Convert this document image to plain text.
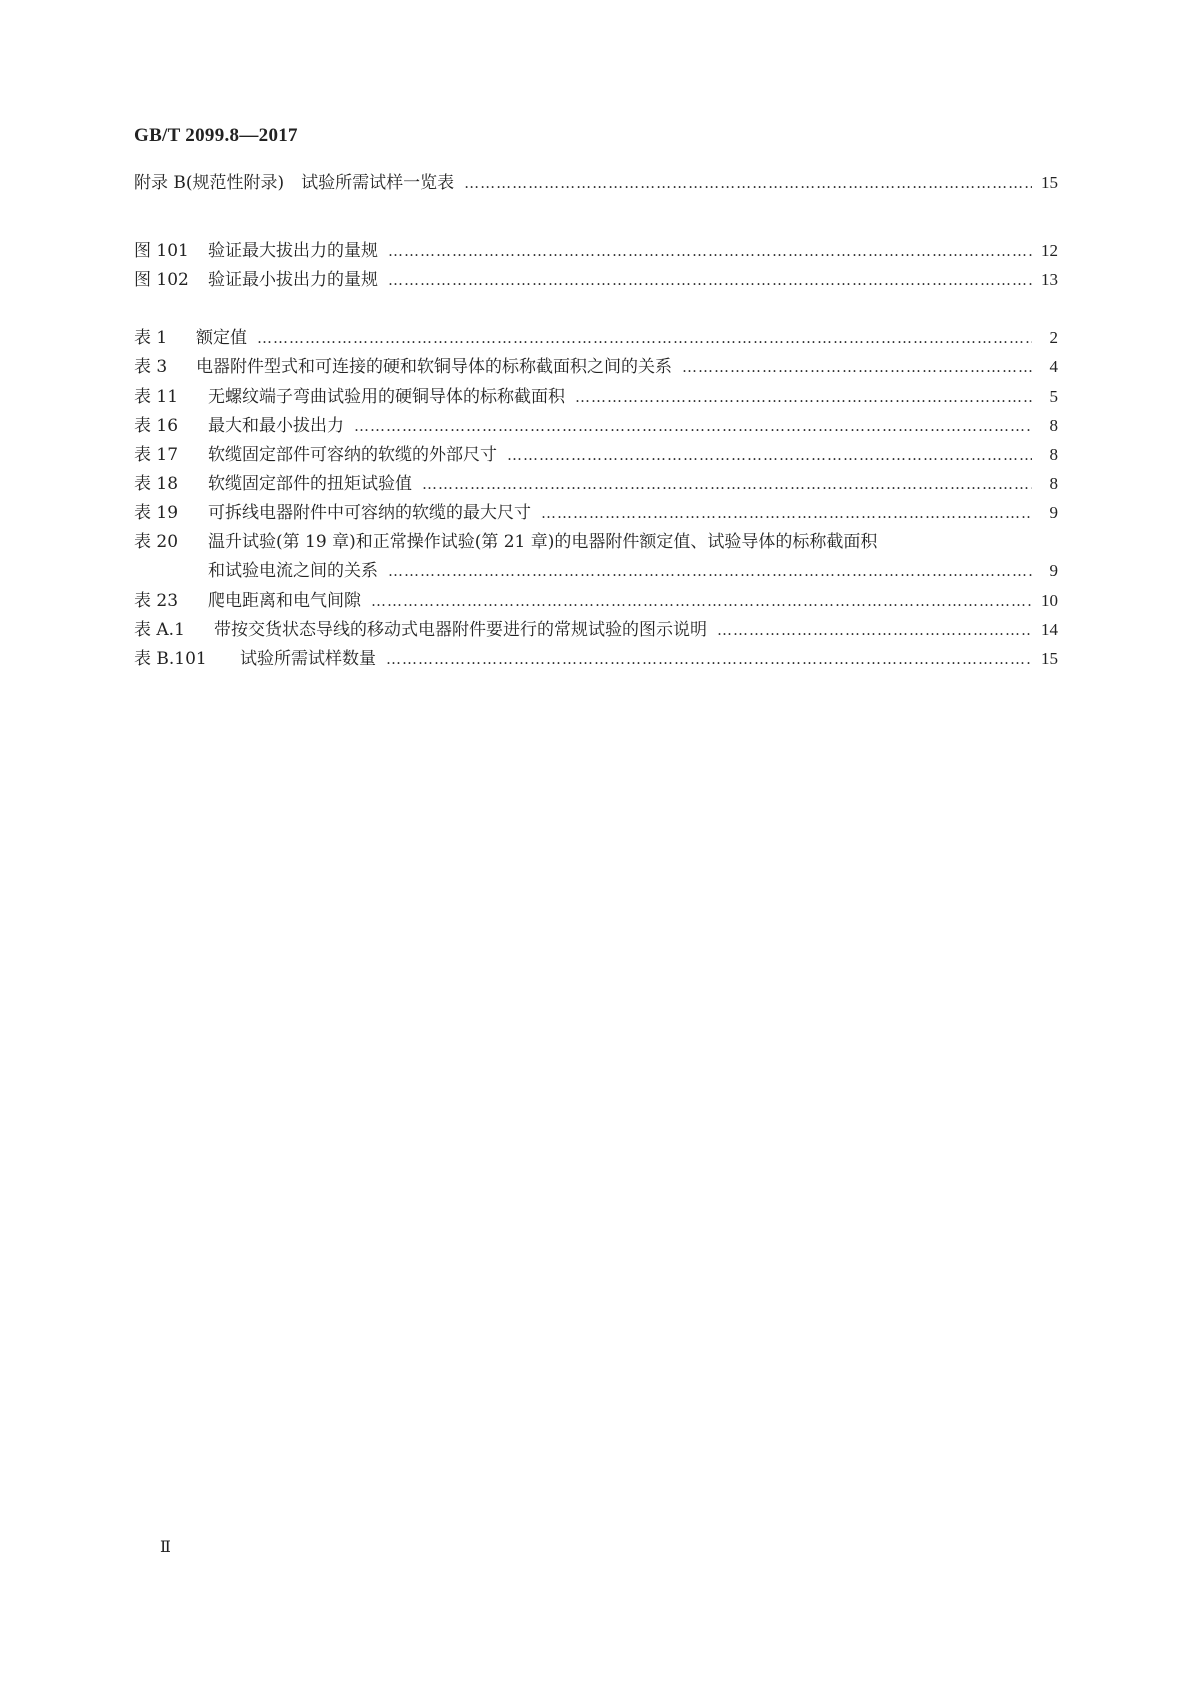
GB/T 2099.8—2017
附录 B (规范性附录)　试验所需试样一览表 ………………………………………………………………………………………………………………………………………………………………………………………………………………………………………	15
图 101	验证最大拔出力的量规 ………………………………………………………………………………………………………………………………………………………………………………………………………………………………………	12
图 102	验证最小拔出力的量规 ………………………………………………………………………………………………………………………………………………………………………………………………………………………………………	13
表 1	额定值 ………………………………………………………………………………………………………………………………………………………………………………………………………………………………………	2
表 3	电器附件型式和可连接的硬和软铜导体的标称截面积之间的关系 ………………………………………………………………………………………………………………………………………………………………………………………………………………………………………	4
表 11	无螺纹端子弯曲试验用的硬铜导体的标称截面积 ………………………………………………………………………………………………………………………………………………………………………………………………………………………………………	5
表 16	最大和最小拔出力 ………………………………………………………………………………………………………………………………………………………………………………………………………………………………………	8
表 17	软缆固定部件可容纳的软缆的外部尺寸 ………………………………………………………………………………………………………………………………………………………………………………………………………………………………………	8
表 18	软缆固定部件的扭矩试验值 ………………………………………………………………………………………………………………………………………………………………………………………………………………………………………	8
表 19	可拆线电器附件中可容纳的软缆的最大尺寸 ………………………………………………………………………………………………………………………………………………………………………………………………………………………………………	9
表 20 温升试验(第 19 章)和正常操作试验(第 21 章)的电器附件额定值、试验导体的标称截面积
和试验电流之间的关系 ………………………………………………………………………………………………………………………………………………………………………………………………………………………………………	9
表 23	爬电距离和电气间隙 ………………………………………………………………………………………………………………………………………………………………………………………………………………………………………	10
表 A.1	带按交货状态导线的移动式电器附件要进行的常规试验的图示说明 ………………………………………………………………………………………………………………………………………………………………………………………………………………………………………	14
表 B.101	试验所需试样数量 ………………………………………………………………………………………………………………………………………………………………………………………………………………………………………	15
Ⅱ
